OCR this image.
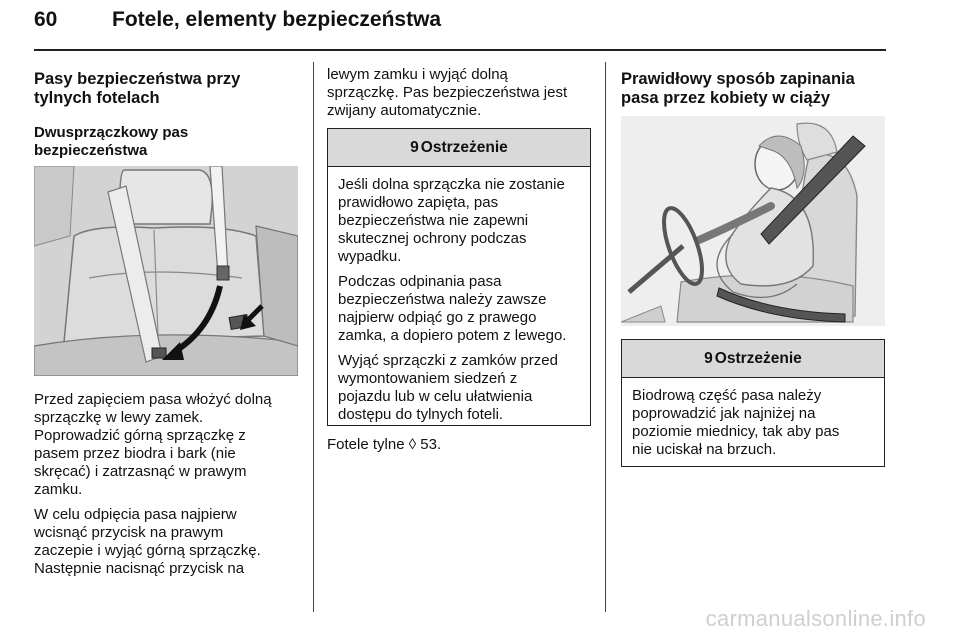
60	Fotele, elementy bezpieczeństwa
Pasy bezpieczeństwa przy
tylnych fotelach
Dwusprzączkowy pas
bezpieczeństwa
Przed zapięciem pasa włożyć dolną
sprzączkę w lewy zamek.
Poprowadzić górną sprzączkę z
pasem przez biodra i bark (nie
skręcać) i zatrzasnąć w prawym
zamku.
W celu odpięcia pasa najpierw
wcisnąć przycisk na prawym
zaczepie i wyjąć górną sprzączkę.
Następnie nacisnąć przycisk na
lewym zamku i wyjąć dolną
sprzączkę. Pas bezpieczeństwa jest
zwijany automatycznie.
9 Ostrzeżenie
Jeśli dolna sprzączka nie zostanie
prawidłowo zapięta, pas
bezpieczeństwa nie zapewni
skutecznej ochrony podczas
wypadku.
Podczas odpinania pasa
bezpieczeństwa należy zawsze
najpierw odpiąć go z prawego
zamka, a dopiero potem z lewego.
Wyjąć sprzączki z zamków przed
wymontowaniem siedzeń z
pojazdu lub w celu ułatwienia
dostępu do tylnych foteli.
Fotele tylne ◊ 53.
Prawidłowy sposób zapinania
pasa przez kobiety w ciąży
9 Ostrzeżenie
Biodrową część pasa należy
poprowadzić jak najniżej na
poziomie miednicy, tak aby pas
nie uciskał na brzuch.
carmanualsonline.info
